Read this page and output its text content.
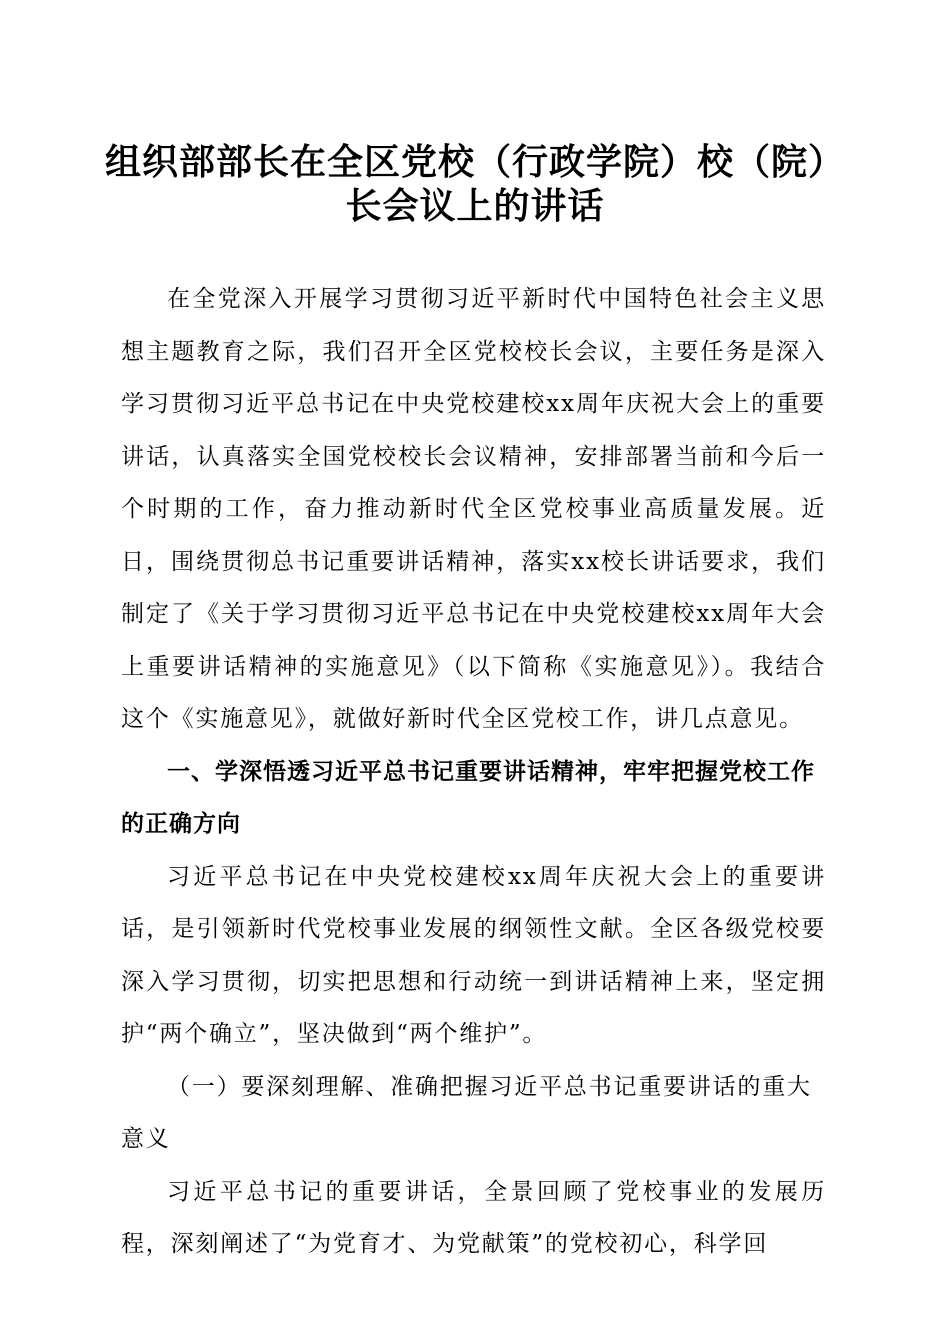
组织部部长在全区党校（行政学院）校（院）
长会议上的讲话

在全党深入开展学习贯彻习近平新时代中国特色社会主义思想主题教育之际，我们召开全区党校校长会议，主要任务是深入学习贯彻习近平总书记在中央党校建校xx周年庆祝大会上的重要讲话，认真落实全国党校校长会议精神，安排部署当前和今后一个时期的工作，奋力推动新时代全区党校事业高质量发展。近日，围绕贯彻总书记重要讲话精神，落实xx校长讲话要求，我们制定了《关于学习贯彻习近平总书记在中央党校建校xx周年大会上重要讲话精神的实施意见》（以下简称《实施意见》）。我结合这个《实施意见》，就做好新时代全区党校工作，讲几点意见。

一、学深悟透习近平总书记重要讲话精神，牢牢把握党校工作的正确方向

习近平总书记在中央党校建校xx周年庆祝大会上的重要讲话，是引领新时代党校事业发展的纲领性文献。全区各级党校要深入学习贯彻，切实把思想和行动统一到讲话精神上来，坚定拥护“两个确立”，坚决做到“两个维护”。

（一）要深刻理解、准确把握习近平总书记重要讲话的重大意义

习近平总书记的重要讲话，全景回顾了党校事业的发展历程，深刻阐述了“为党育才、为党献策”的党校初心，科学回
